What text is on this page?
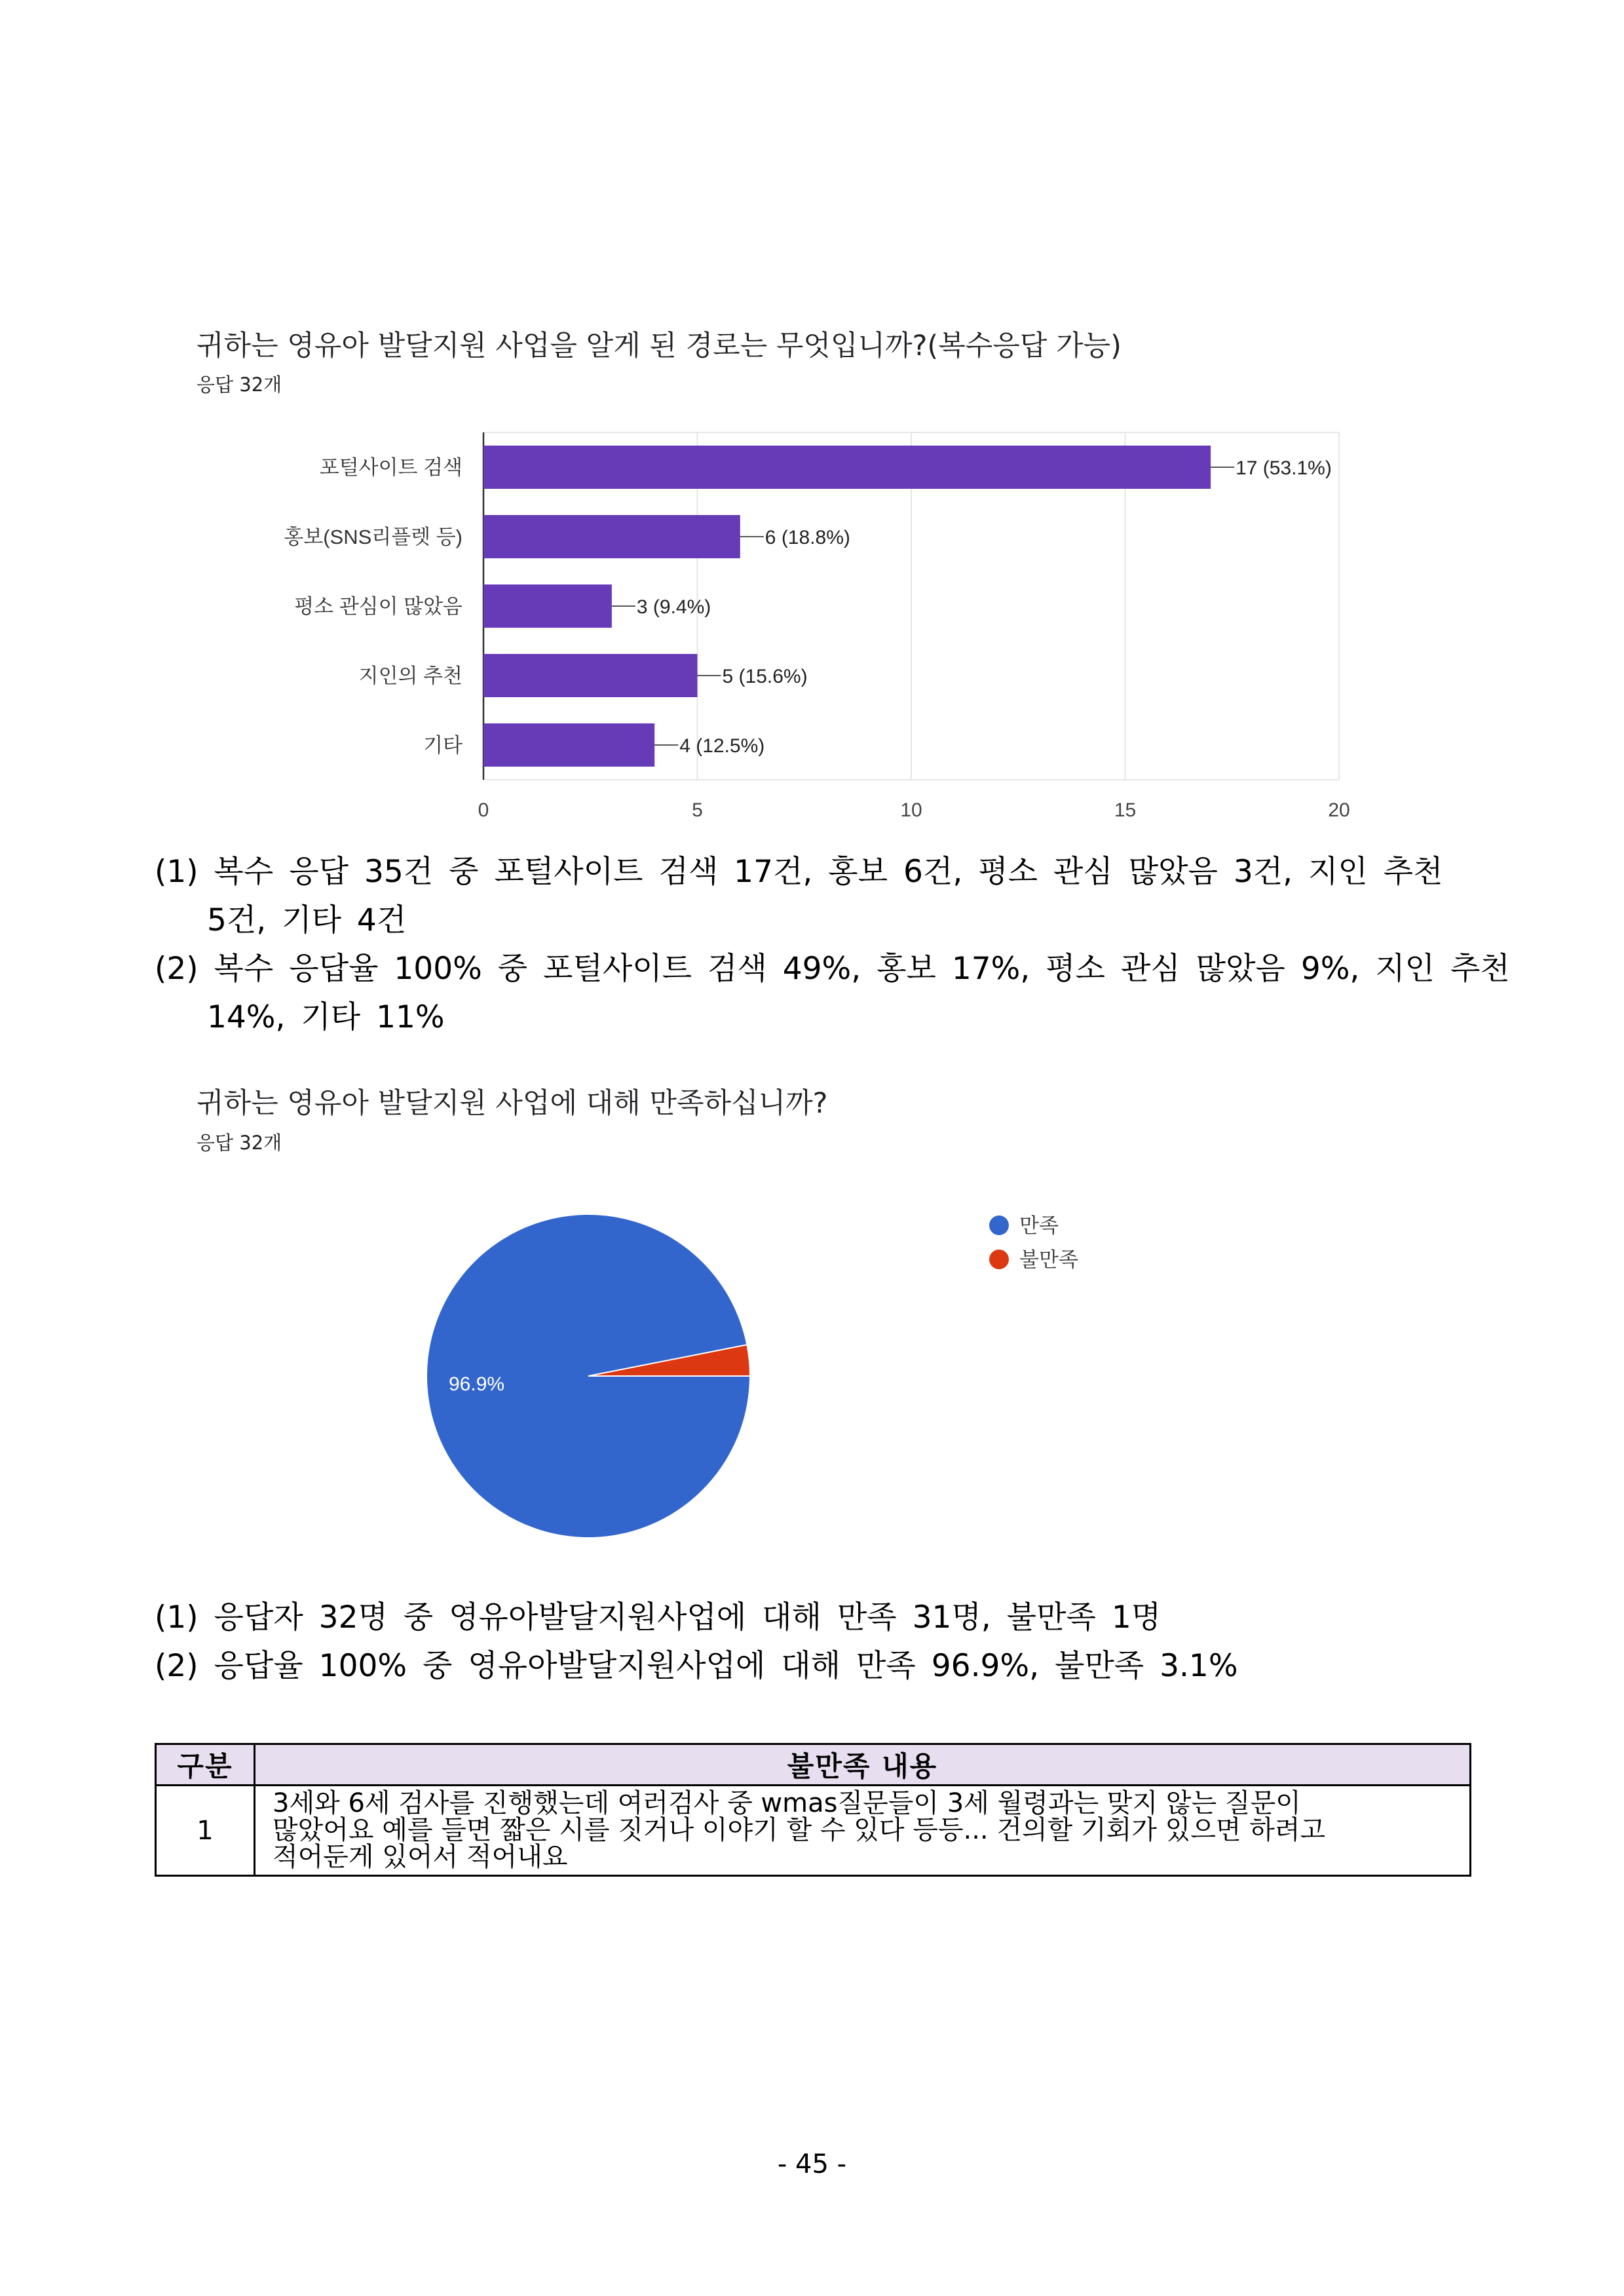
귀하는 영유아 발달지원 사업을 알게 된 경로는 무엇입니까?(복수응답 가능)
응답 32개
0	5	10	15	20
포털사이트 검색	17 (53.1%)
홍보(SNS리플렛 등)	6 (18.8%)
평소 관심이 많았음	3 (9.4%)
지인의 추천	5 (15.6%)
기타	4 (12.5%)
(1) 복수 응답 35건 중 포털사이트 검색 17건, 홍보 6건, 평소 관심 많았음 3건, 지인 추천
5건, 기타 4건
(2) 복수 응답율 100% 중 포털사이트 검색 49%, 홍보 17%, 평소 관심 많았음 9%, 지인 추천
14%, 기타 11%
귀하는 영유아 발달지원 사업에 대해 만족하십니까?
응답 32개
96.9%
만족
불만족
(1) 응답자 32명 중 영유아발달지원사업에 대해 만족 31명, 불만족 1명
(2) 응답율 100% 중 영유아발달지원사업에 대해 만족 96.9%, 불만족 3.1%
구분	불만족 내용
1	3세와 6세 검사를 진행했는데 여러검사 중 wmas질문들이 3세 월령과는 맞지 않는 질문이
많았어요 예를 들면 짧은 시를 짓거나 이야기 할 수 있다 등등... 건의할 기회가 있으면 하려고
적어둔게 있어서 적어내요
- 45 -
